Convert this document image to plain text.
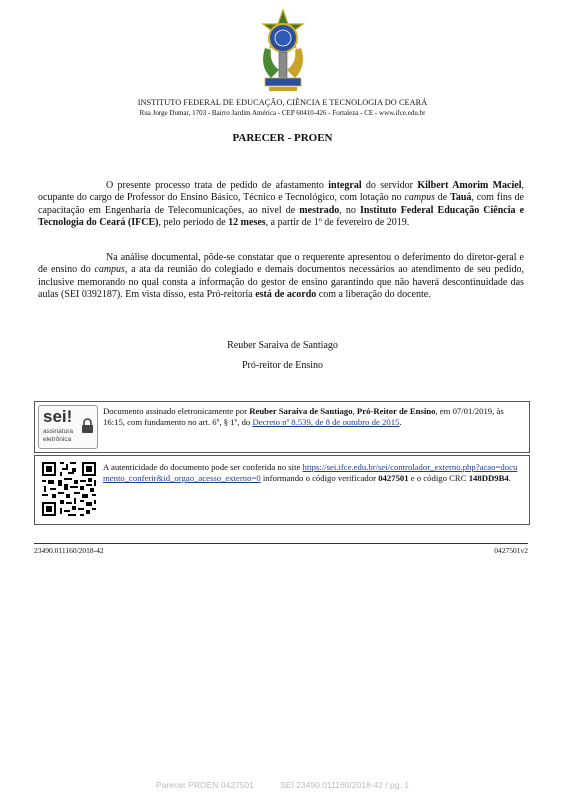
INSTITUTO FEDERAL DE EDUCAÇÃO, CIÊNCIA E TECNOLOGIA DO CEARÁ
Rua Jorge Dumar, 1703 - Bairro Jardim América - CEP 60410-426 - Fortaleza - CE - www.ifce.edu.br
PARECER - PROEN
O presente processo trata de pedido de afastamento integral do servidor Kilbert Amorim Maciel, ocupante do cargo de Professor do Ensino Básico, Técnico e Tecnológico, com lotação no campus de Tauá, com fins de capacitação em Engenharia de Telecomunicações, ao nível de mestrado, no Instituto Federal Educação Ciência e Tecnologia do Ceará (IFCE), pelo período de 12 meses, a partir de 1º de fevereiro de 2019.
Na análise documental, pôde-se constatar que o requerente apresentou o deferimento do diretor-geral e de ensino do campus, a ata da reunião do colegiado e demais documentos necessários ao atendimento de seu pedido, inclusive memorando no qual consta a informação do gestor de ensino garantindo que não haverá descontinuidade das aulas (SEI 0392187). Em vista disso, esta Pró-reitoria está de acordo com a liberação do docente.
Reuber Saraiva de Santiago
Pró-reitor de Ensino
sei!
assinatura
eletrônica
Documento assinado eletronicamente por Reuber Saraiva de Santiago, Pró-Reitor de Ensino, em 07/01/2019, às 16:15, com fundamento no art. 6º, § 1º, do Decreto nº 8.539, de 8 de outubro de 2015.
A autenticidade do documento pode ser conferida no site https://sei.ifce.edu.br/sei/controlador_externo.php?acao=documento_conferir&id_orgao_acesso_externo=0 informando o código verificador 0427501 e o código CRC 148DD9B4.
23490.011160/2018-42	0427501v2
Parecer PROEN 0427501	SEI 23490.011160/2018-42 / pg. 1
